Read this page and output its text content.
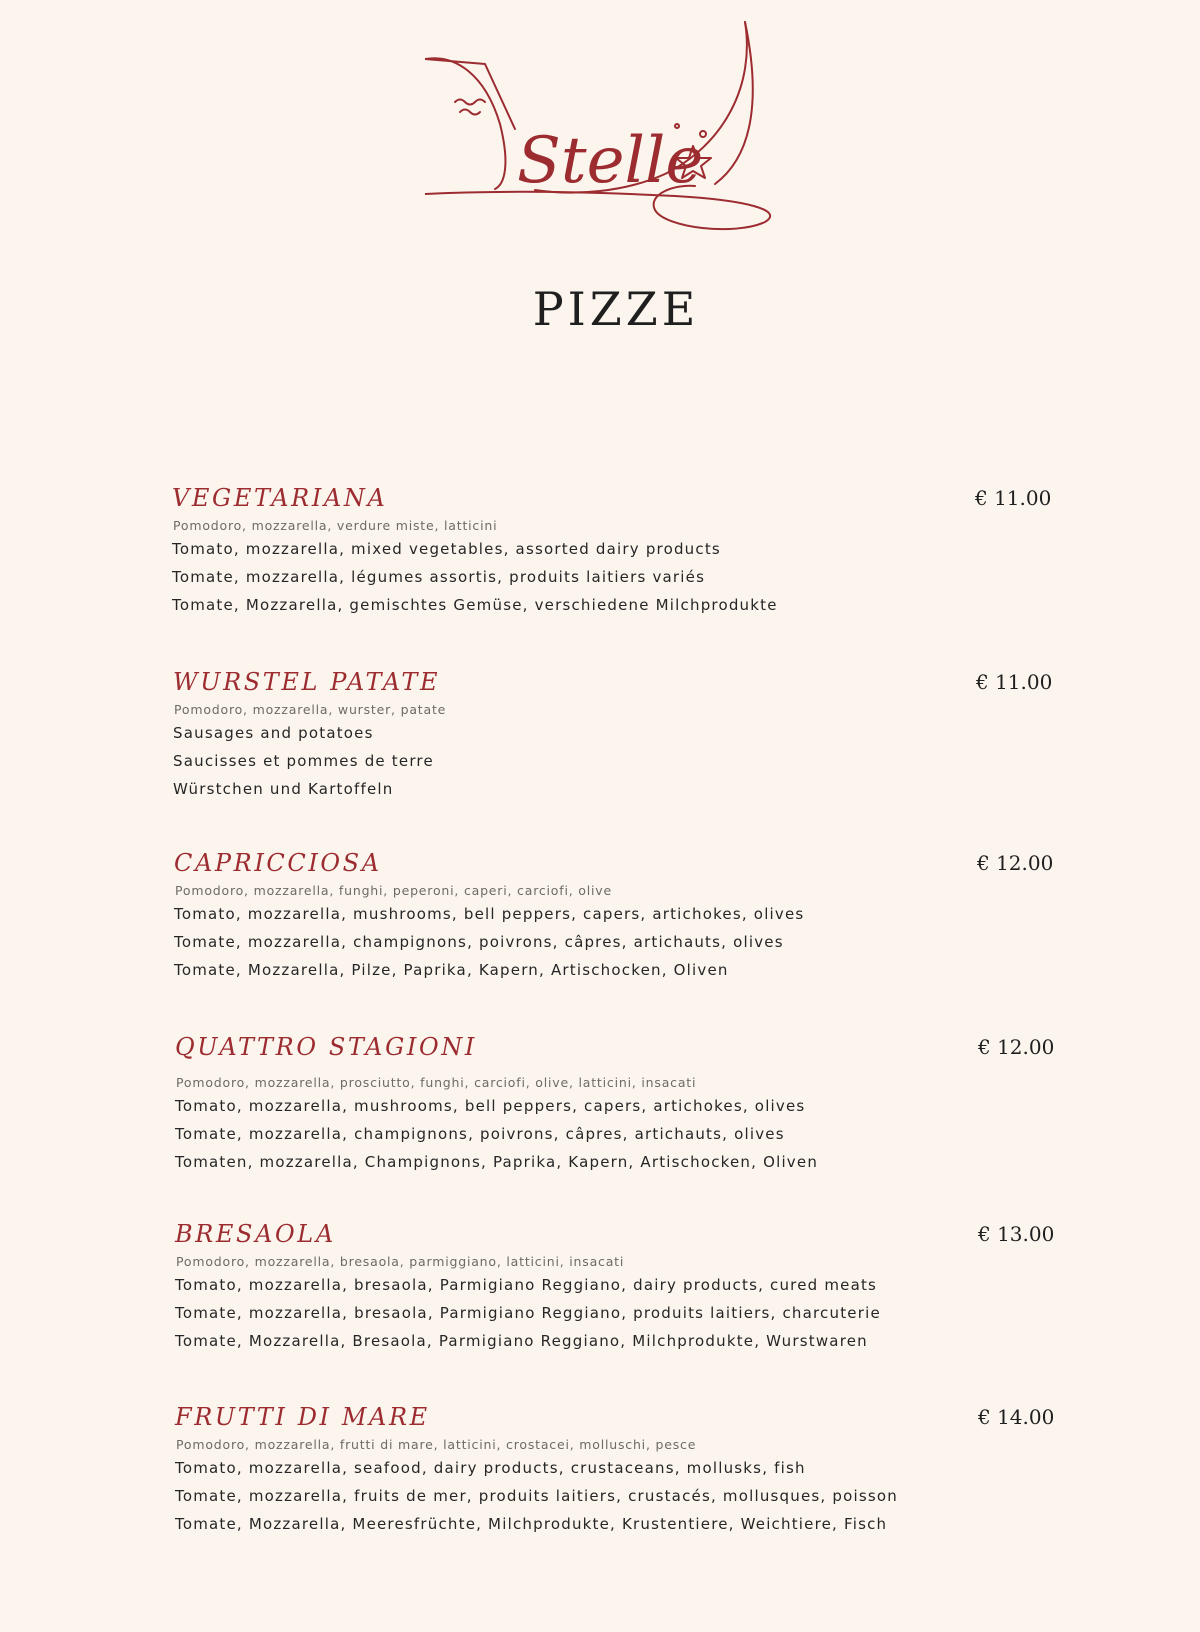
Stelle
PIZZE
VEGETARIANA	€ 11.00
Pomodoro, mozzarella, verdure miste, latticini
Tomato, mozzarella, mixed vegetables, assorted dairy products
Tomate, mozzarella, légumes assortis, produits laitiers variés
Tomate, Mozzarella, gemischtes Gemüse, verschiedene Milchprodukte
WURSTEL PATATE	€ 11.00
Pomodoro, mozzarella, wurster, patate
Sausages and potatoes
Saucisses et pommes de terre
Würstchen und Kartoffeln
CAPRICCIOSA	€ 12.00
Pomodoro, mozzarella, funghi, peperoni, caperi, carciofi, olive
Tomato, mozzarella, mushrooms, bell peppers, capers, artichokes, olives
Tomate, mozzarella, champignons, poivrons, câpres, artichauts, olives
Tomate, Mozzarella, Pilze, Paprika, Kapern, Artischocken, Oliven
QUATTRO STAGIONI	€ 12.00
Pomodoro, mozzarella, prosciutto, funghi, carciofi, olive, latticini, insacati
Tomato, mozzarella, mushrooms, bell peppers, capers, artichokes, olives
Tomate, mozzarella, champignons, poivrons, câpres, artichauts, olives
Tomaten, mozzarella, Champignons, Paprika, Kapern, Artischocken, Oliven
BRESAOLA	€ 13.00
Pomodoro, mozzarella, bresaola, parmiggiano, latticini, insacati
Tomato, mozzarella, bresaola, Parmigiano Reggiano, dairy products, cured meats
Tomate, mozzarella, bresaola, Parmigiano Reggiano, produits laitiers, charcuterie
Tomate, Mozzarella, Bresaola, Parmigiano Reggiano, Milchprodukte, Wurstwaren
FRUTTI DI MARE	€ 14.00
Pomodoro, mozzarella, frutti di mare, latticini, crostacei, molluschi, pesce
Tomato, mozzarella, seafood, dairy products, crustaceans, mollusks, fish
Tomate, mozzarella, fruits de mer, produits laitiers, crustacés, mollusques, poisson
Tomate, Mozzarella, Meeresfrüchte, Milchprodukte, Krustentiere, Weichtiere, Fisch
